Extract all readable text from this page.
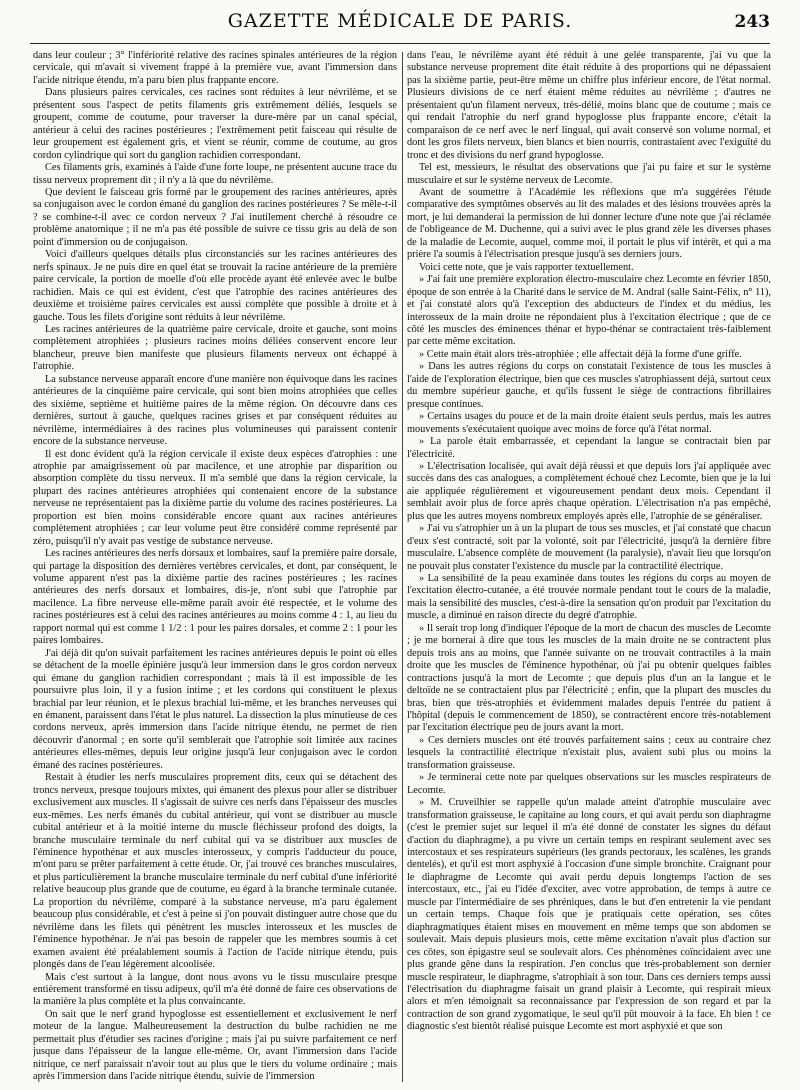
GAZETTE MÉDICALE DE PARIS.	243

dans leur couleur ; 3° l'infériorité relative des racines spinales antérieures de la région cervicale, qui m'avait si vivement frappé à la première vue, avant l'immersion dans l'acide nitrique étendu, m'a paru bien plus frappante encore.

Dans plusieurs paires cervicales, ces racines sont réduites à leur névrilème, et se présentent sous l'aspect de petits filaments gris extrêmement déliés, lesquels se groupent, comme de coutume, pour traverser la dure-mère par un canal spécial, antérieur à celui des racines postérieures ; l'extrêmement petit faisceau qui résulte de leur groupement est également gris, et vient se réunir, comme de coutume, au gros cordon cylindrique qui sort du ganglion rachidien correspondant.

Ces filaments gris, examinés à l'aide d'une forte loupe, ne présentent aucune trace du tissu nerveux proprement dit ; il n'y a là que du névrilème.

Que devient le faisceau gris formé par le groupement des racines antérieures, après sa conjugaison avec le cordon émané du ganglion des racines postérieures ? Se mêle-t-il ? se combine-t-il avec ce cordon nerveux ? J'ai inutilement cherché à résoudre ce problème anatomique ; il ne m'a pas été possible de suivre ce tissu gris au delà de son point d'immersion ou de conjugaison.

Voici d'ailleurs quelques détails plus circonstanciés sur les racines antérieures des nerfs spinaux. Je ne puis dire en quel état se trouvait la racine antérieure de la première paire cervicale, la portion de moelle d'où elle procède ayant été enlevée avec le bulbe rachidien. Mais ce qui est évident, c'est que l'atrophie des racines antérieures des deuxième et troisième paires cervicales est aussi complète que possible à droite et à gauche. Tous les filets d'origine sont réduits à leur névrilème.

Les racines antérieures de la quatrième paire cervicale, droite et gauche, sont moins complètement atrophiées ; plusieurs racines moins déliées conservent encore leur blancheur, preuve bien manifeste que plusieurs filaments nerveux ont échappé à l'atrophie.

La substance nerveuse apparaît encore d'une manière non équivoque dans les racines antérieures de la cinquième paire cervicale, qui sont bien moins atrophiées que celles des sixième, septième et huitième paires de la même région. On découvre dans ces dernières, surtout à gauche, quelques racines grises et par conséquent réduites au névrilème, intermédiaires à des racines plus volumineuses qui paraissent contenir encore de la substance nerveuse.

Il est donc évident qu'à la région cervicale il existe deux espèces d'atrophies : une atrophie par amaigrissement où par macilence, et une atrophie par disparition ou absorption complète du tissu nerveux. Il m'a semblé que dans la région cervicale, la plupart des racines antérieures atrophiées qui contenaient encore de la substance nerveuse ne représentaient pas la dixième partie du volume des racines postérieures. La proportion est bien moins considérable encore quant aux racines antérieures complètement atrophiées ; car leur volume peut être considéré comme représenté par zéro, puisqu'il n'y avait pas vestige de substance nerveuse.

Les racines antérieures des nerfs dorsaux et lombaires, sauf la première paire dorsale, qui partage la disposition des dernières vertèbres cervicales, et dont, par conséquent, le volume apparent n'est pas la dixième partie des racines postérieures ; les racines antérieures des nerfs dorsaux et lombaires, dis-je, n'ont subi que l'atrophie par macilence. La fibre nerveuse elle-même paraît avoir été respectée, et le volume des racines postérieures est à celui des racines antérieures au moins comme 4 : 1, au lieu du rapport normal qui est comme 1 1/2 : 1 pour les paires dorsales, et comme 2 : 1 pour les paires lombaires.

J'ai déjà dit qu'on suivait parfaitement les racines antérieures depuis le point où elles se détachent de la moelle épinière jusqu'à leur immersion dans le gros cordon nerveux qui émane du ganglion rachidien correspondant ; mais là il est impossible de les poursuivre plus loin, il y a fusion intime ; et les cordons qui constituent le plexus brachial par leur réunion, et le plexus brachial lui-même, et les branches nerveuses qui en émanent, paraissent dans l'état le plus naturel. La dissection la plus minutieuse de ces cordons nerveux, après immersion dans l'acide nitrique étendu, ne permet de rien découvrir d'anormal ; en sorte qu'il semblerait que l'atrophie soit limitée aux racines antérieures elles-mêmes, depuis leur origine jusqu'à leur conjugaison avec le cordon émané des racines postérieures.

Restait à étudier les nerfs musculaires proprement dits, ceux qui se détachent des troncs nerveux, presque toujours mixtes, qui émanent des plexus pour aller se distribuer exclusivement aux muscles. Il s'agissait de suivre ces nerfs dans l'épaisseur des muscles eux-mêmes. Les nerfs émanés du cubital antérieur, qui vont se distribuer au muscle cubital antérieur et à la moitié interne du muscle fléchisseur profond des doigts, la branche musculaire terminale du nerf cubital qui va se distribuer aux muscles de l'éminence hypothénar et aux muscles interosseux, y compris l'adducteur du pouce, m'ont paru se prêter parfaitement à cette étude. Or, j'ai trouvé ces branches musculaires, et plus particulièrement la branche musculaire terminale du nerf cubital d'une infériorité relative beaucoup plus grande que de coutume, eu égard à la branche terminale cutanée. La proportion du névrilème, comparé à la substance nerveuse, m'a paru également beaucoup plus considérable, et c'est à peine si j'on pouvait distinguer autre chose que du névrilème dans les filets qui pénètrent les muscles interosseux et les muscles de l'éminence hypothénar. Je n'ai pas besoin de rappeler que les membres soumis à cet examen avaient été préalablement soumis à l'action de l'acide nitrique étendu, puis plongés dans de l'eau légèrement alcoolisée.

Mais c'est surtout à la langue, dont nous avons vu le tissu musculaire presque entièrement transformé en tissu adipeux, qu'il m'a été donné de faire ces observations de la manière la plus complète et la plus convaincante.

On sait que le nerf grand hypoglosse est essentiellement et exclusivement le nerf moteur de la langue. Malheureusement la destruction du bulbe rachidien ne me permettait plus d'étudier ses racines d'origine ; mais j'ai pu suivre parfaitement ce nerf jusque dans l'épaisseur de la langue elle-même. Or, avant l'immersion dans l'acide nitrique, ce nerf paraissait n'avoir tout au plus que le tiers du volume ordinaire ; mais après l'immersion dans l'acide nitrique étendu, suivie de l'immersion

dans l'eau, le névrilème ayant été réduit à une gelée transparente, j'ai vu que la substance nerveuse proprement dite était réduite à des proportions qui ne dépassaient pas la sixième partie, peut-être même un chiffre plus inférieur encore, de l'état normal. Plusieurs divisions de ce nerf étaient même réduites au névrilème ; d'autres ne présentaient qu'un filament nerveux, très-délié, moins blanc que de coutume ; mais ce qui rendait l'atrophie du nerf grand hypoglosse plus frappante encore, c'était la comparaison de ce nerf avec le nerf lingual, qui avait conservé son volume normal, et dont les gros filets nerveux, bien blancs et bien nourris, contrastaient avec l'exiguïté du tronc et des divisions du nerf grand hypoglosse.

Tel est, messieurs, le résultat des observations que j'ai pu faire et sur le système musculaire et sur le système nerveux de Lecomte.

Avant de soumettre à l'Académie les réflexions que m'a suggérées l'étude comparative des symptômes observés au lit des malades et des lésions trouvées après la mort, je lui demanderai la permission de lui donner lecture d'une note que j'ai réclamée de l'obligeance de M. Duchenne, qui a suivi avec le plus grand zèle les diverses phases de la maladie de Lecomte, auquel, comme moi, il portait le plus vif intérêt, et qui a ma prière l'a soumis à l'électrisation presque jusqu'à ses derniers jours.

Voici cette note, que je vais rapporter textuellement.

» J'ai fait une première exploration électro-musculaire chez Lecomte en février 1850, époque de son entrée à la Charité dans le service de M. Andral (salle Saint-Félix, n° 11), et j'ai constaté alors qu'à l'exception des abducteurs de l'index et du médius, les interosseux de la main droite ne répondaient plus à l'excitation électrique ; que de ce côté les muscles des éminences thénar et hypo-thénar se contractaient très-faiblement par cette même excitation.

» Cette main était alors très-atrophiée ; elle affectait déjà la forme d'une griffe.

» Dans les autres régions du corps on constatait l'existence de tous les muscles à l'aide de l'exploration électrique, bien que ces muscles s'atrophiassent déjà, surtout ceux du membre supérieur gauche, et qu'ils fussent le siège de contractions fibrillaires presque continues.

» Certains usages du pouce et de la main droite étaient seuls perdus, mais les autres mouvements s'exécutaient quoique avec moins de force qu'à l'état normal.

» La parole était embarrassée, et cependant la langue se contractait bien par l'électricité.

» L'électrisation localisée, qui avait déjà réussi et que depuis lors j'ai appliquée avec succès dans des cas analogues, a complètement échoué chez Lecomte, bien que je la lui aie appliquée régulièrement et vigoureusement pendant deux mois. Cependant il semblait avoir plus de force après chaque opération. L'électrisation n'a pas empêché, plus que les autres moyens nombreux employés après elle, l'atrophie de se généraliser.

» J'ai vu s'atrophier un à un la plupart de tous ses muscles, et j'ai constaté que chacun d'eux s'est contracté, soit par la volonté, soit par l'électricité, jusqu'à la dernière fibre musculaire. L'absence complète de mouvement (la paralysie), n'avait lieu que lorsqu'on ne pouvait plus constater l'existence du muscle par la contractilité électrique.

» La sensibilité de la peau examinée dans toutes les régions du corps au moyen de l'excitation électro-cutanée, a été trouvée normale pendant tout le cours de la maladie, mais la sensibilité des muscles, c'est-à-dire la sensation qu'on produit par l'excitation du muscle, a diminué en raison directe du degré d'atrophie.

» Il serait trop long d'indiquer l'époque de la mort de chacun des muscles de Lecomte ; je me bornerai à dire que tous les muscles de la main droite ne se contractent plus depuis trois ans au moins, que l'année suivante on ne trouvait contractiles à la main droite que les muscles de l'éminence hypothénar, où j'ai pu obtenir quelques faibles contractions jusqu'à la mort de Lecomte ; que depuis plus d'un an la langue et le deltoïde ne se contractaient plus par l'électricité ; enfin, que la plupart des muscles du bras, bien que très-atrophiés et évidemment malades depuis l'entrée du patient à l'hôpital (depuis le commencement de 1850), se contractèrent encore très-notablement par l'excitation électrique peu de jours avant la mort.

» Ces derniers muscles ont été trouvés parfaitement sains ; ceux au contraire chez lesquels la contractilité électrique n'existait plus, avaient subi plus ou moins la transformation graisseuse.

» Je terminerai cette note par quelques observations sur les muscles respirateurs de Lecomte.

» M. Cruveilhier se rappelle qu'un malade atteint d'atrophie musculaire avec transformation graisseuse, le capitaine au long cours, et qui avait perdu son diaphragme (c'est le premier sujet sur lequel il m'a été donné de constater les signes du défaut d'action du diaphragme), a pu vivre un certain temps en respirant seulement avec ses intercostaux et ses respirateurs supérieurs (les grands pectoraux, les scalènes, les grands dentelés), et qu'il est mort asphyxié à l'occasion d'une simple bronchite. Craignant pour le diaphragme de Lecomte qui avait perdu depuis longtemps l'action de ses intercostaux, etc., j'ai eu l'idée d'exciter, avec votre approbation, de temps à autre ce muscle par l'intermédiaire de ses phréniques, dans le but d'en entretenir la vie pendant un certain temps. Chaque fois que je pratiquais cette opération, ses côtes diaphragmatiques étaient mises en mouvement en même temps que son abdomen se soulevait. Mais depuis plusieurs mois, cette même excitation n'avait plus d'action sur ces côtes, son épigastre seul se soulevait alors. Ces phénomènes coïncidaient avec une plus grande gêne dans la respiration. J'en conclus que très-probablement son dernier muscle respirateur, le diaphragme, s'atrophiait à son tour. Dans ces derniers temps aussi l'électrisation du diaphragme faisait un grand plaisir à Lecomte, qui respirait mieux alors et m'en témoignait sa reconnaissance par l'expression de son regard et par la contraction de son grand zygomatique, le seul qu'il pût mouvoir à la face. Eh bien ! ce diagnostic s'est bientôt réalisé puisque Lecomte est mort asphyxié et que son
